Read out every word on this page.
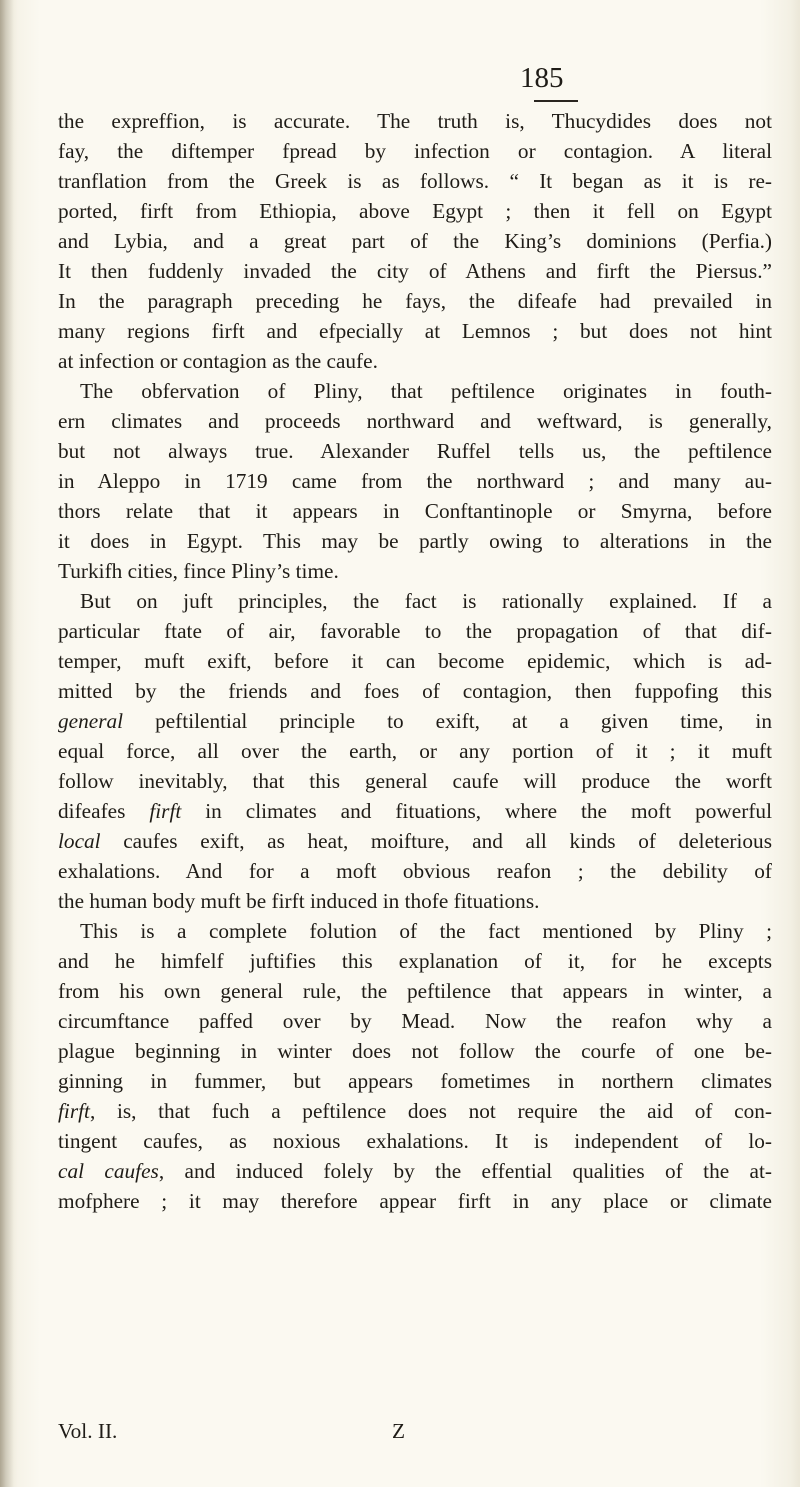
185
the expreffion, is accurate. The truth is, Thucydides does not
fay, the diftemper fpread by infection or contagion. A literal
tranflation from the Greek is as follows. “ It began as it is re-
ported, firft from Ethiopia, above Egypt ; then it fell on Egypt
and Lybia, and a great part of the King’s dominions (Perfia.)
It then fuddenly invaded the city of Athens and firft the Piersus.”
In the paragraph preceding he fays, the difeafe had prevailed in
many regions firft and efpecially at Lemnos ; but does not hint
at infection or contagion as the caufe.
The obfervation of Pliny, that peftilence originates in fouth-
ern climates and proceeds northward and weftward, is generally,
but not always true. Alexander Ruffel tells us, the peftilence
in Aleppo in 1719 came from the northward ; and many au-
thors relate that it appears in Conftantinople or Smyrna, before
it does in Egypt. This may be partly owing to alterations in the
Turkifh cities, fince Pliny’s time.
But on juft principles, the fact is rationally explained. If a
particular ftate of air, favorable to the propagation of that dif-
temper, muft exift, before it can become epidemic, which is ad-
mitted by the friends and foes of contagion, then fuppofing this
general peftilential principle to exift, at a given time, in
equal force, all over the earth, or any portion of it ; it muft
follow inevitably, that this general caufe will produce the worft
difeafes firft in climates and fituations, where the moft powerful
local caufes exift, as heat, moifture, and all kinds of deleterious
exhalations. And for a moft obvious reafon ; the debility of
the human body muft be firft induced in thofe fituations.
This is a complete folution of the fact mentioned by Pliny ;
and he himfelf juftifies this explanation of it, for he excepts
from his own general rule, the peftilence that appears in winter, a
circumftance paffed over by Mead. Now the reafon why a
plague beginning in winter does not follow the courfe of one be-
ginning in fummer, but appears fometimes in northern climates
firft, is, that fuch a peftilence does not require the aid of con-
tingent caufes, as noxious exhalations. It is independent of lo-
cal caufes, and induced folely by the effential qualities of the at-
mofphere ; it may therefore appear firft in any place or climate
Vol. II.	Z
